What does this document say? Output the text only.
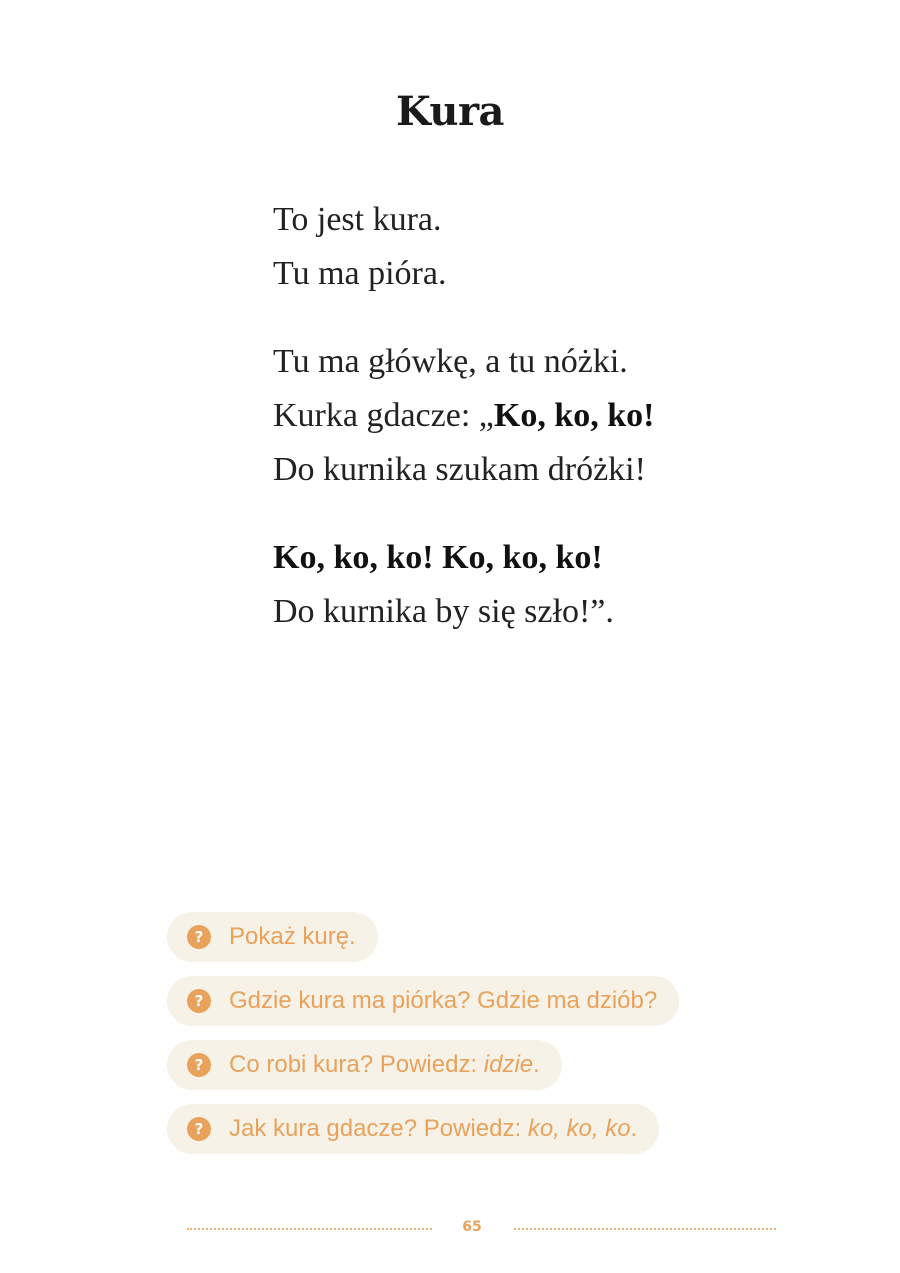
Kura
To jest kura.
Tu ma pióra.
Tu ma główkę, a tu nóżki.
Kurka gdacze: „Ko, ko, ko!
Do kurnika szukam dróżki!
Ko, ko, ko! Ko, ko, ko!
Do kurnika by się szło!”.
?	Pokaż kurę.
?	Gdzie kura ma piórka? Gdzie ma dziób?
?	Co robi kura? Powiedz: idzie.
?	Jak kura gdacze? Powiedz: ko, ko, ko.
65
